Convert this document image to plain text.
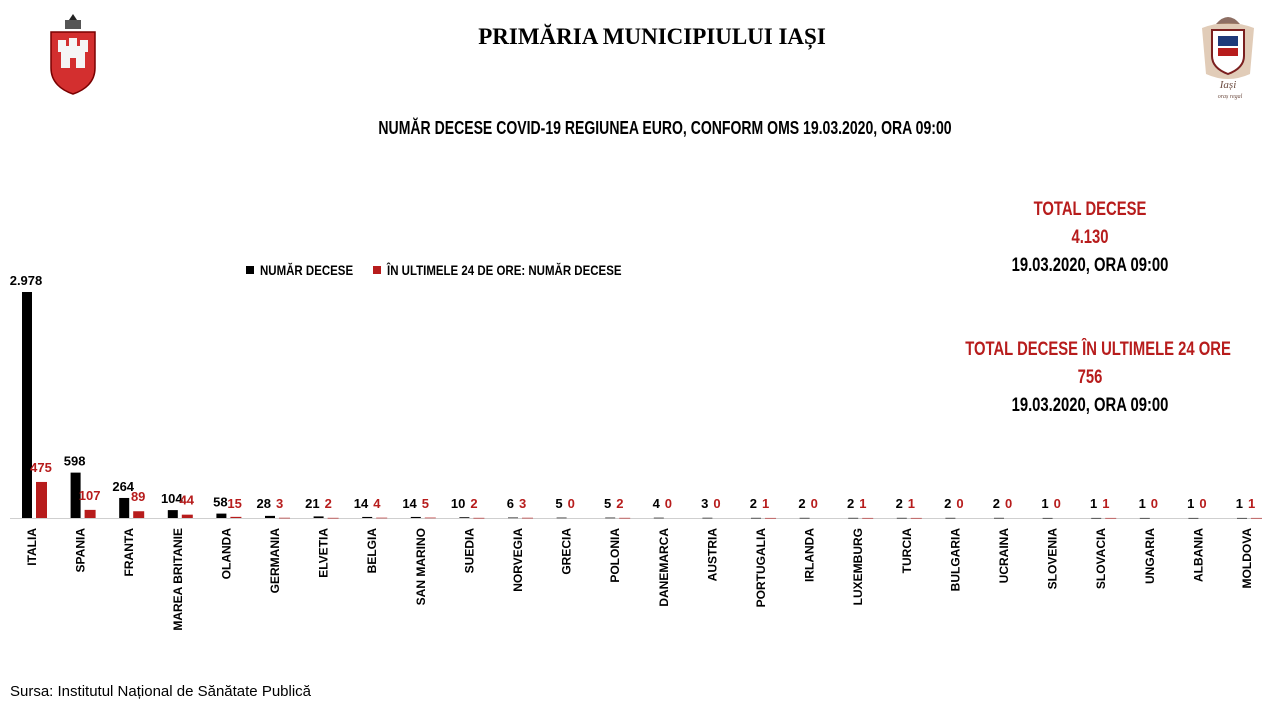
Iași
oraș regal
PRIMĂRIA MUNICIPIULUI IAȘI
NUMĂR DECESE COVID-19 REGIUNEA EURO, CONFORM OMS 19.03.2020, ORA 09:00
TOTAL DECESE
4.130
19.03.2020, ORA 09:00
TOTAL DECESE ÎN ULTIMELE 24 ORE
756
19.03.2020, ORA 09:00
NUMĂR DECESE ÎN ULTIMELE 24 DE ORE: NUMĂR DECESE
2.978
475
ITALIA
598
107
SPANIA
264
89
FRANTA
104
44
MAREA BRITANIE
58 15
OLANDA
28 3
GERMANIA
21 2
ELVETIA
14 4
BELGIA
14 5
SAN MARINO
10 2
SUEDIA
6 3
NORVEGIA
5 0
GRECIA
5 2
POLONIA
4 0
DANEMARCA
3 0
AUSTRIA
2 1
PORTUGALIA
2 0
IRLANDA
2 1
LUXEMBURG
2 1
TURCIA
2 0
BULGARIA
2 0
UCRAINA
1 0
SLOVENIA
1 1
SLOVACIA
1 0
UNGARIA
1 0
ALBANIA
1 1
MOLDOVA
Sursa: Institutul Național de Sănătate Publică
